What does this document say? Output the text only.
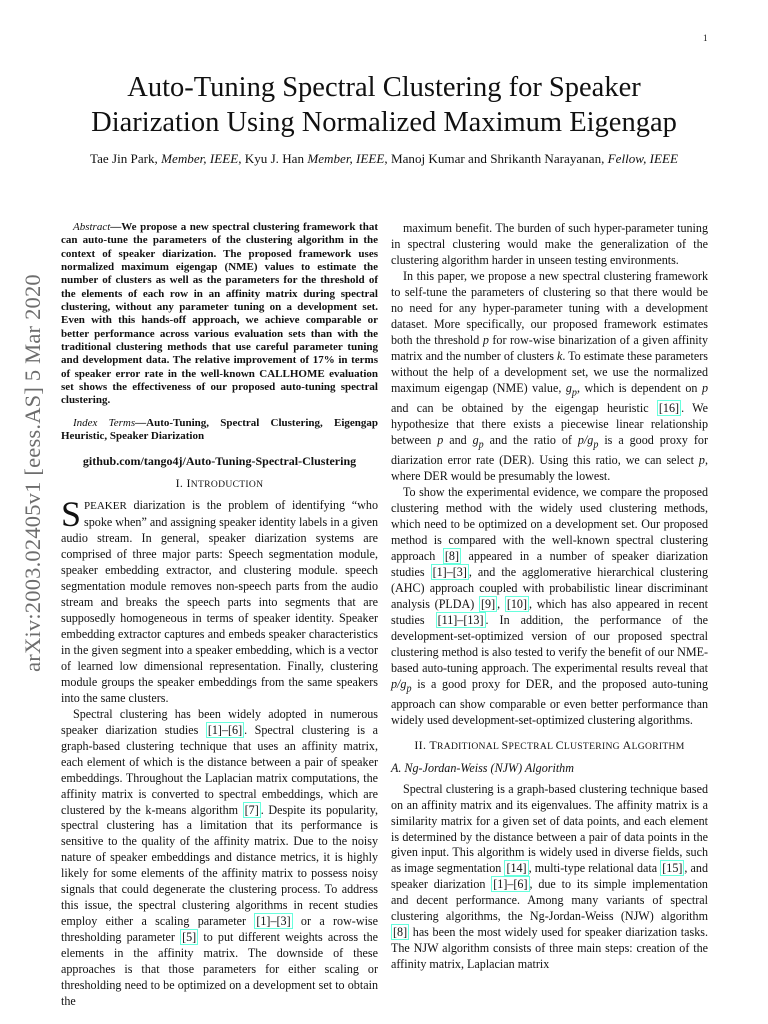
1
arXiv:2003.02405v1 [eess.AS] 5 Mar 2020
Auto-Tuning Spectral Clustering for Speaker
Diarization Using Normalized Maximum Eigengap
Tae Jin Park, Member, IEEE, Kyu J. Han Member, IEEE, Manoj Kumar and Shrikanth Narayanan, Fellow, IEEE

Abstract—We propose a new spectral clustering framework that can auto-tune the parameters of the clustering algorithm in the context of speaker diarization. The proposed framework uses normalized maximum eigengap (NME) values to estimate the number of clusters as well as the parameters for the threshold of the elements of each row in an affinity matrix during spectral clustering, without any parameter tuning on a development set. Even with this hands-off approach, we achieve comparable or better performance across various evaluation sets than with the traditional clustering methods that use careful parameter tuning and development data. The relative improvement of 17% in terms of speaker error rate in the well-known CALLHOME evaluation set shows the effectiveness of our proposed auto-tuning spectral clustering.

Index Terms—Auto-Tuning, Spectral Clustering, Eigengap Heuristic, Speaker Diarization

github.com/tango4j/Auto-Tuning-Spectral-Clustering

I. INTRODUCTION

SPEAKER diarization is the problem of identifying “who spoke when” and assigning speaker identity labels in a given audio stream. In general, speaker diarization systems are comprised of three major parts: Speech segmentation module, speaker embedding extractor, and clustering module. speech segmentation module removes non-speech parts from the audio stream and breaks the speech parts into segments that are supposedly homogeneous in terms of speaker identity. Speaker embedding extractor captures and embeds speaker characteristics in the given segment into a speaker embedding, which is a vector of learned low dimensional representation. Finally, clustering module groups the speaker embeddings from the same speakers into the same clusters.

Spectral clustering has been widely adopted in numerous speaker diarization studies [1]–[6] . Spectral clustering is a graph-based clustering technique that uses an affinity matrix, each element of which is the distance between a pair of speaker embeddings. Throughout the Laplacian matrix computations, the affinity matrix is converted to spectral embeddings, which are clustered by the k-means algorithm [7] . Despite its popularity, spectral clustering has a limitation that its performance is sensitive to the quality of the affinity matrix. Due to the noisy nature of speaker embeddings and distance metrics, it is highly likely for some elements of the affinity matrix to possess noisy signals that could degenerate the clustering process. To address this issue, the spectral clustering algorithms in recent studies employ either a scaling parameter [1]–[3] or a row-wise thresholding parameter [5] to put different weights across the elements in the affinity matrix. The downside of these approaches is that those parameters for either scaling or thresholding need to be optimized on a development set to obtain the

maximum benefit. The burden of such hyper-parameter tuning in spectral clustering would make the generalization of the clustering algorithm harder in unseen testing environments.

In this paper, we propose a new spectral clustering framework to self-tune the parameters of clustering so that there would be no need for any hyper-parameter tuning with a development dataset. More specifically, our proposed framework estimates both the threshold p for row-wise binarization of a given affinity matrix and the number of clusters k. To estimate these parameters without the help of a development set, we use the normalized maximum eigengap (NME) value, $g_p$, which is dependent on p and can be obtained by the eigengap heuristic [16] . We hypothesize that there exists a piecewise linear relationship between p and $g_p$ and the ratio of $p/g_p$ is a good proxy for diarization error rate (DER). Using this ratio, we can select p, where DER would be presumably the lowest.

To show the experimental evidence, we compare the proposed clustering method with the widely used clustering methods, which need to be optimized on a development set. Our proposed method is compared with the well-known spectral clustering approach [8] appeared in a number of speaker diarization studies [1]–[3] , and the agglomerative hierarchical clustering (AHC) approach coupled with probabilistic linear discriminant analysis (PLDA) [9] , [10] , which has also appeared in recent studies [11]–[13] . In addition, the performance of the development-set-optimized version of our proposed spectral clustering method is also tested to verify the benefit of our NME-based auto-tuning approach. The experimental results reveal that $p/g_p$ is a good proxy for DER, and the proposed auto-tuning approach can show comparable or even better performance than widely used development-set-optimized clustering algorithms.

II. TRADITIONAL SPECTRAL CLUSTERING ALGORITHM
A. Ng-Jordan-Weiss (NJW) Algorithm

Spectral clustering is a graph-based clustering technique based on an affinity matrix and its eigenvalues. The affinity matrix is a similarity matrix for a given set of data points, and each element is determined by the distance between a pair of data points in the given input. This algorithm is widely used in diverse fields, such as image segmentation [14] , multi-type relational data [15] , and speaker diarization [1]–[6] , due to its simple implementation and decent performance. Among many variants of spectral clustering algorithms, the Ng-Jordan-Weiss (NJW) algorithm [8] has been the most widely used for speaker diarization tasks. The NJW algorithm consists of three main steps: creation of the affinity matrix, Laplacian matrix
